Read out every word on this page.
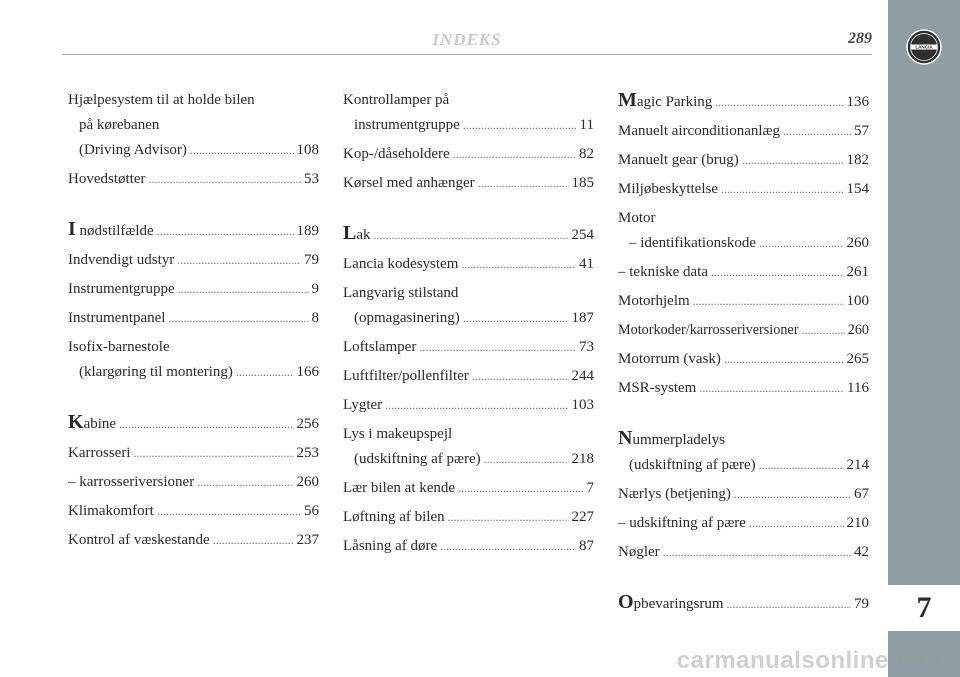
INDEKS	289
LANCIA
7
Hjælpesystem til at holde bilen
på kørebanen
(Driving Advisor) .....	108
Hovedstøtter .....	53
I nødstilfælde .....	189
Indvendigt udstyr .....	79
Instrumentgruppe .....	9
Instrumentpanel .....	8
Isofix-barnestole
(klargøring til montering) .....	166
Kabine .....	256
Karrosseri .....	253
– karrosseriversioner .....	260
Klimakomfort .....	56
Kontrol af væskestande .....	237
Kontrollamper på
instrumentgruppe .....	11
Kop-/dåseholdere .....	82
Kørsel med anhænger .....	185
Lak .....	254
Lancia kodesystem .....	41
Langvarig stilstand
(opmagasinering) .....	187
Loftslamper .....	73
Luftfilter/pollenfilter .....	244
Lygter .....	103
Lys i makeupspejl
(udskiftning af pære) .....	218
Lær bilen at kende .....	7
Løftning af bilen .....	227
Låsning af døre .....	87
Magic Parking .....	136
Manuelt airconditionanlæg .....	57
Manuelt gear (brug) .....	182
Miljøbeskyttelse .....	154
Motor
– identifikationskode .....	260
– tekniske data .....	261
Motorhjelm .....	100
Motorkoder/karrosseriversioner .....	260
Motorrum (vask) .....	265
MSR-system .....	116
Nummerpladelys
(udskiftning af pære) .....	214
Nærlys (betjening) .....	67
– udskiftning af pære .....	210
Nøgler .....	42
Opbevaringsrum .....	79
carmanualsonline.info
